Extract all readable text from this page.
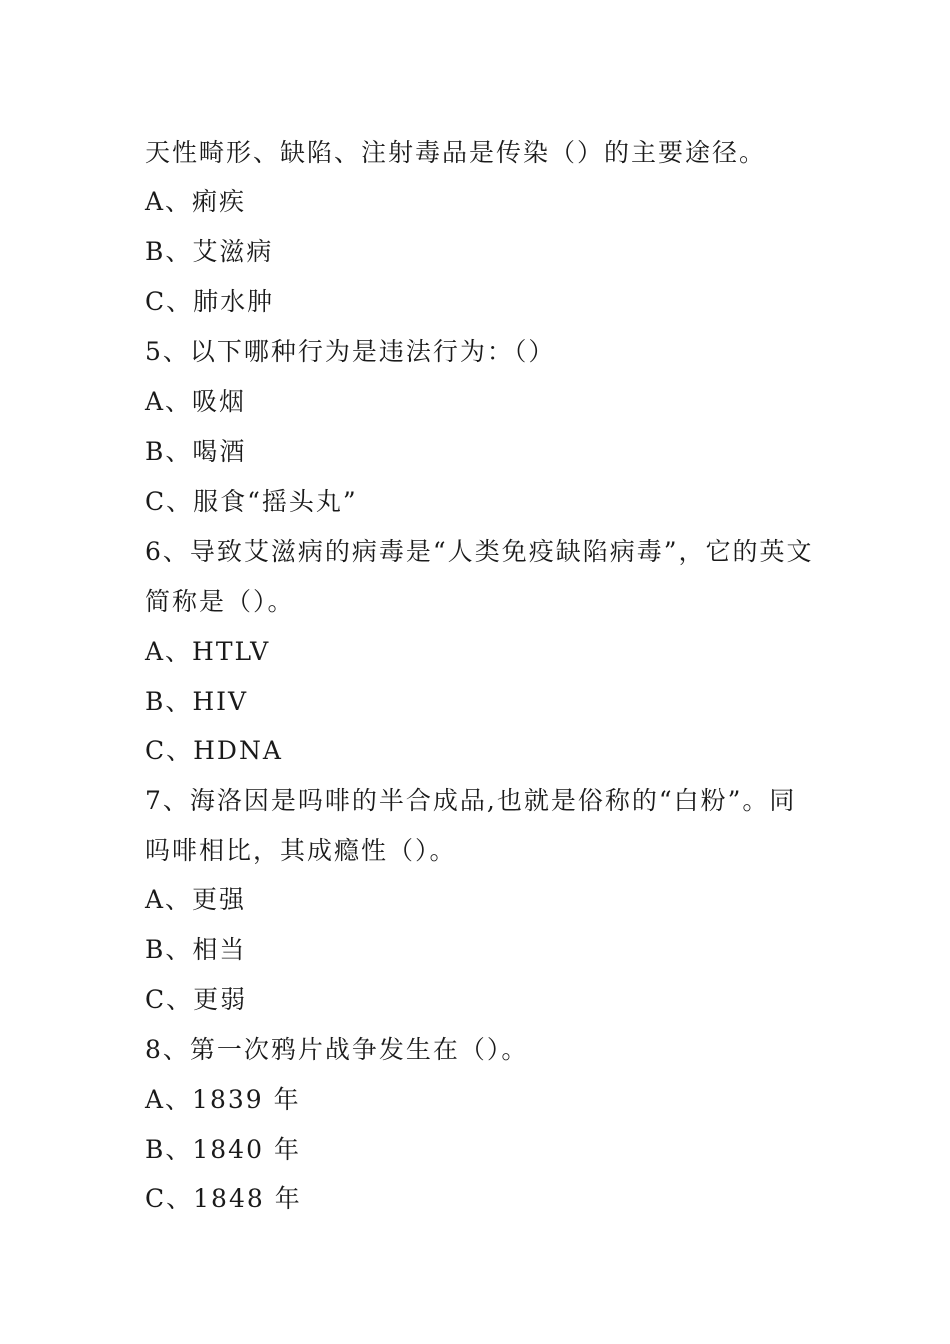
天性畸形、缺陷、注射毒品是传染（）的主要途径。
A、痢疾
B、艾滋病
C、肺水肿
5、以下哪种行为是违法行为：（）
A、吸烟
B、喝酒
C、服食“摇头丸”
6、导致艾滋病的病毒是“人类免疫缺陷病毒”，它的英文
简称是（）。
A、HTLV
B、HIV
C、HDNA
7、海洛因是吗啡的半合成品,也就是俗称的“白粉”。同
吗啡相比，其成瘾性（）。
A、更强
B、相当
C、更弱
8、第一次鸦片战争发生在（）。
A、1839 年
B、1840 年
C、1848 年
